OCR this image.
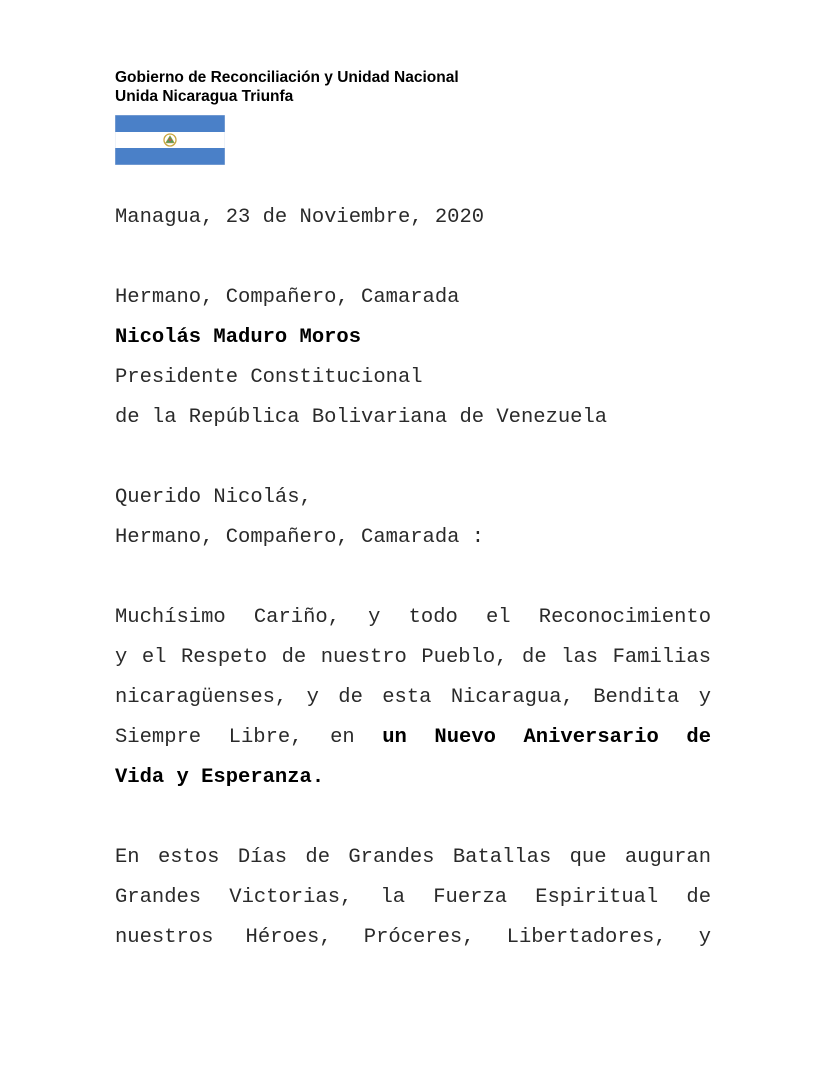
Gobierno de Reconciliación y Unidad Nacional
Unida Nicaragua Triunfa
Managua, 23 de Noviembre, 2020
Hermano, Compañero, Camarada
Nicolás Maduro Moros
Presidente Constitucional
de la República Bolivariana de Venezuela
Querido Nicolás,
Hermano, Compañero, Camarada :
Muchísimo Cariño, y todo el Reconocimiento
y el Respeto de nuestro Pueblo, de las Familias
nicaragüenses, y de esta Nicaragua, Bendita y
Siempre Libre, en un Nuevo Aniversario de
Vida y Esperanza.
En estos Días de Grandes Batallas que auguran
Grandes Victorias, la Fuerza Espiritual de
nuestros Héroes, Próceres, Libertadores, y
